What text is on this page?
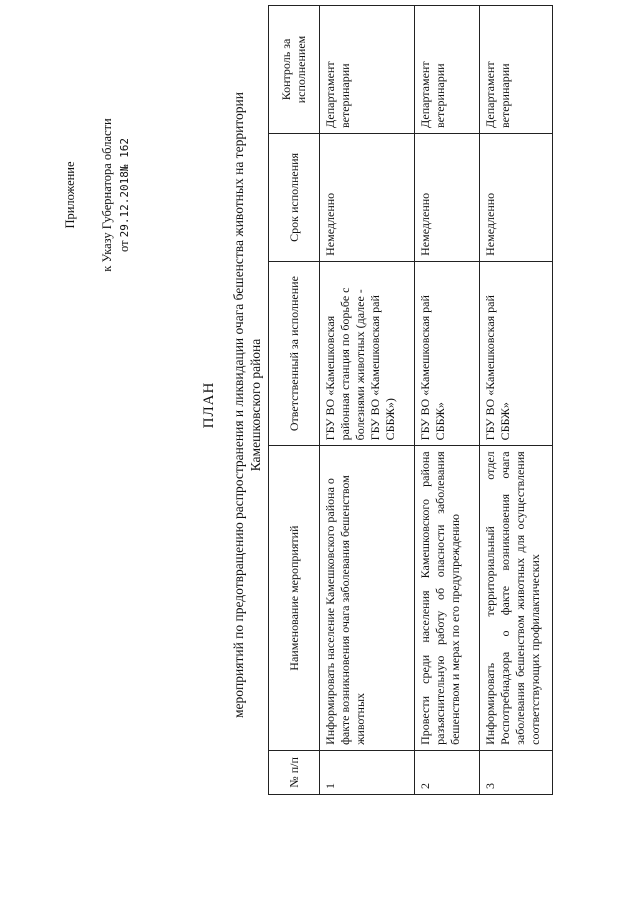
Приложение к Указу Губернатора области от 29.12.2018№ 162
ПЛАН мероприятий по предотвращению распространения и ликвидации очага бешенства животных на территории Камешковского района
№ п/п	Наименование мероприятий	Ответственный за исполнение	Срок исполнения	Контроль за исполнением
1	Информировать население Камешковского района о факте возникновения очага заболевания бешенством животных	ГБУ ВО «Камешковская районная станция по борьбе с болезнями животных (далее - ГБУ ВО «Камешковская рай СББЖ»)	Немедленно	Департамент ветеринарии
2	Провести среди населения Камешковского района разъяснительную работу об опасности заболевания бешенством и мерах по его предупреждению	ГБУ ВО «Камешковская рай СББЖ»	Немедленно	Департамент ветеринарии
3	Информировать территориальный отдел Роспотребнадзора о факте возникновения очага заболевания бешенством животных для осуществления соответствующих профилактических	ГБУ ВО «Камешковская рай СББЖ»	Немедленно	Департамент ветеринарии
